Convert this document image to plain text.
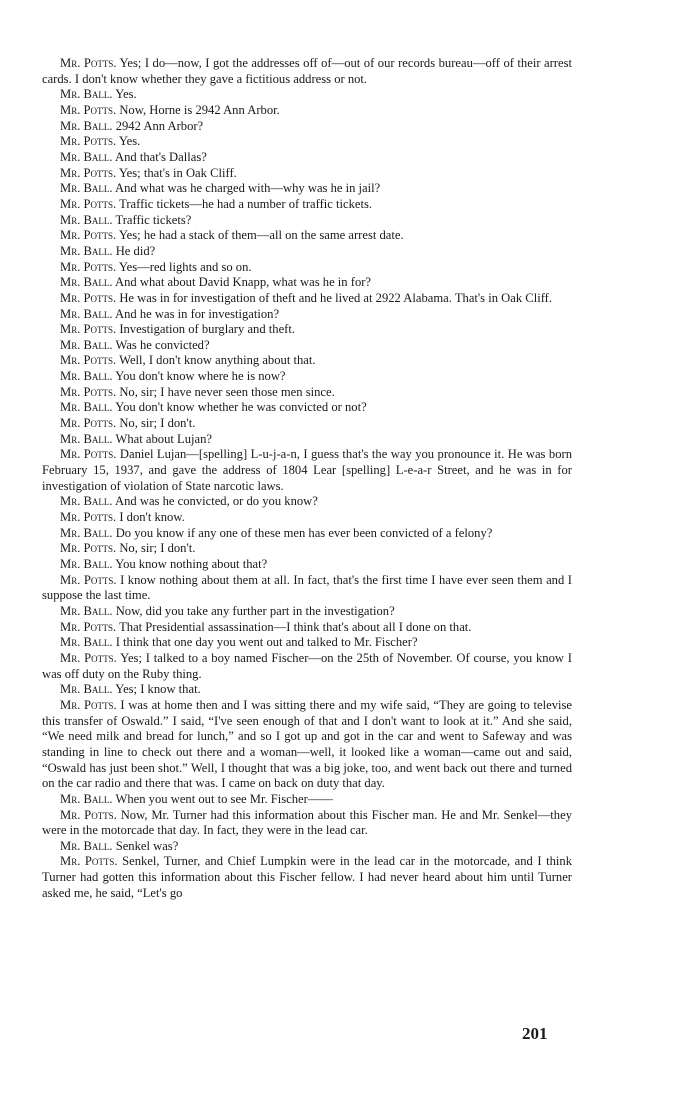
Mr. Potts. Yes; I do—now, I got the addresses off of—out of our records bureau—off of their arrest cards. I don't know whether they gave a fictitious address or not.

Mr. Ball. Yes.

Mr. Potts. Now, Horne is 2942 Ann Arbor.

Mr. Ball. 2942 Ann Arbor?

Mr. Potts. Yes.

Mr. Ball. And that's Dallas?

Mr. Potts. Yes; that's in Oak Cliff.

Mr. Ball. And what was he charged with—why was he in jail?

Mr. Potts. Traffic tickets—he had a number of traffic tickets.

Mr. Ball. Traffic tickets?

Mr. Potts. Yes; he had a stack of them—all on the same arrest date.

Mr. Ball. He did?

Mr. Potts. Yes—red lights and so on.

Mr. Ball. And what about David Knapp, what was he in for?

Mr. Potts. He was in for investigation of theft and he lived at 2922 Alabama. That's in Oak Cliff.

Mr. Ball. And he was in for investigation?

Mr. Potts. Investigation of burglary and theft.

Mr. Ball. Was he convicted?

Mr. Potts. Well, I don't know anything about that.

Mr. Ball. You don't know where he is now?

Mr. Potts. No, sir; I have never seen those men since.

Mr. Ball. You don't know whether he was convicted or not?

Mr. Potts. No, sir; I don't.

Mr. Ball. What about Lujan?

Mr. Potts. Daniel Lujan—[spelling] L-u-j-a-n, I guess that's the way you pronounce it. He was born February 15, 1937, and gave the address of 1804 Lear [spelling] L-e-a-r Street, and he was in for investigation of violation of State narcotic laws.

Mr. Ball. And was he convicted, or do you know?

Mr. Potts. I don't know.

Mr. Ball. Do you know if any one of these men has ever been convicted of a felony?

Mr. Potts. No, sir; I don't.

Mr. Ball. You know nothing about that?

Mr. Potts. I know nothing about them at all. In fact, that's the first time I have ever seen them and I suppose the last time.

Mr. Ball. Now, did you take any further part in the investigation?

Mr. Potts. That Presidential assassination—I think that's about all I done on that.

Mr. Ball. I think that one day you went out and talked to Mr. Fischer?

Mr. Potts. Yes; I talked to a boy named Fischer—on the 25th of November. Of course, you know I was off duty on the Ruby thing.

Mr. Ball. Yes; I know that.

Mr. Potts. I was at home then and I was sitting there and my wife said, “They are going to televise this transfer of Oswald.” I said, “I've seen enough of that and I don't want to look at it.” And she said, “We need milk and bread for lunch,” and so I got up and got in the car and went to Safeway and was standing in line to check out there and a woman—well, it looked like a woman—came out and said, “Oswald has just been shot.” Well, I thought that was a big joke, too, and went back out there and turned on the car radio and there that was. I came on back on duty that day.

Mr. Ball. When you went out to see Mr. Fischer——

Mr. Potts. Now, Mr. Turner had this information about this Fischer man. He and Mr. Senkel—they were in the motorcade that day. In fact, they were in the lead car.

Mr. Ball. Senkel was?

Mr. Potts. Senkel, Turner, and Chief Lumpkin were in the lead car in the motorcade, and I think Turner had gotten this information about this Fischer fellow. I had never heard about him until Turner asked me, he said, “Let's go

201
